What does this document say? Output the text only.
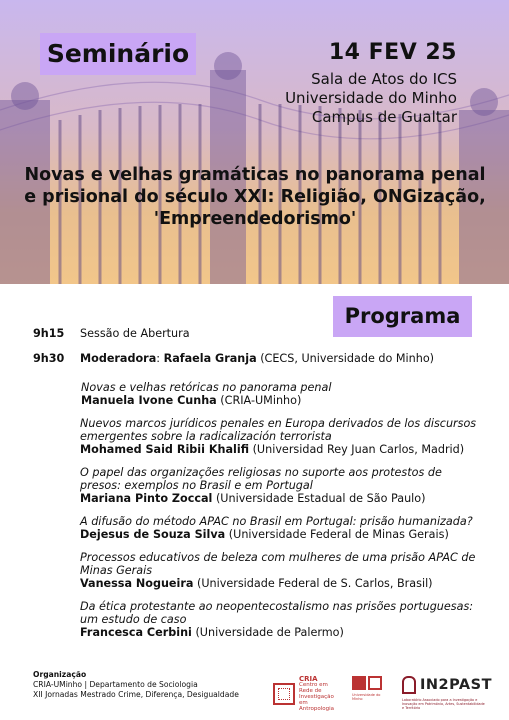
Seminário	14 FEV 25
Sala de Atos do ICS
Universidade do Minho
Campus de Gualtar
Novas e velhas gramáticas no panorama penal e prisional do século XXI: Religião, ONGização, 'Empreendedorismo'
Programa
9h15	Sessão de Abertura
9h30	Moderadora: Rafaela Granja (CECS, Universidade do Minho)
Novas e velhas retóricas no panorama penal
Manuela Ivone Cunha (CRIA-UMinho)
Nuevos marcos jurídicos penales en Europa derivados de los discursos emergentes sobre la radicalización terrorista
Mohamed Said Ribii Khalifi (Universidad Rey Juan Carlos, Madrid)
O papel das organizações religiosas no suporte aos protestos de presos: exemplos no Brasil e em Portugal
Mariana Pinto Zoccal (Universidade Estadual de São Paulo)
A difusão do método APAC no Brasil em Portugal: prisão humanizada?
Dejesus de Souza Silva (Universidade Federal de Minas Gerais)
Processos educativos de beleza com mulheres de uma prisão APAC de Minas Gerais
Vanessa Nogueira (Universidade Federal de S. Carlos, Brasil)
Da ética protestante ao neopentecostalismo nas prisões portuguesas: um estudo de caso
Francesca Cerbini (Universidade de Palermo)
Organização
CRIA-UMinho | Departamento de Sociologia
XII Jornadas Mestrado Crime, Diferença, Desigualdade
CRIA
Centro em Rede de Investigação em Antropologia
Universidade do Minho
IN2PAST
Laboratório Associado para a Investigação e Inovação em Património, Artes, Sustentabilidade e Território
